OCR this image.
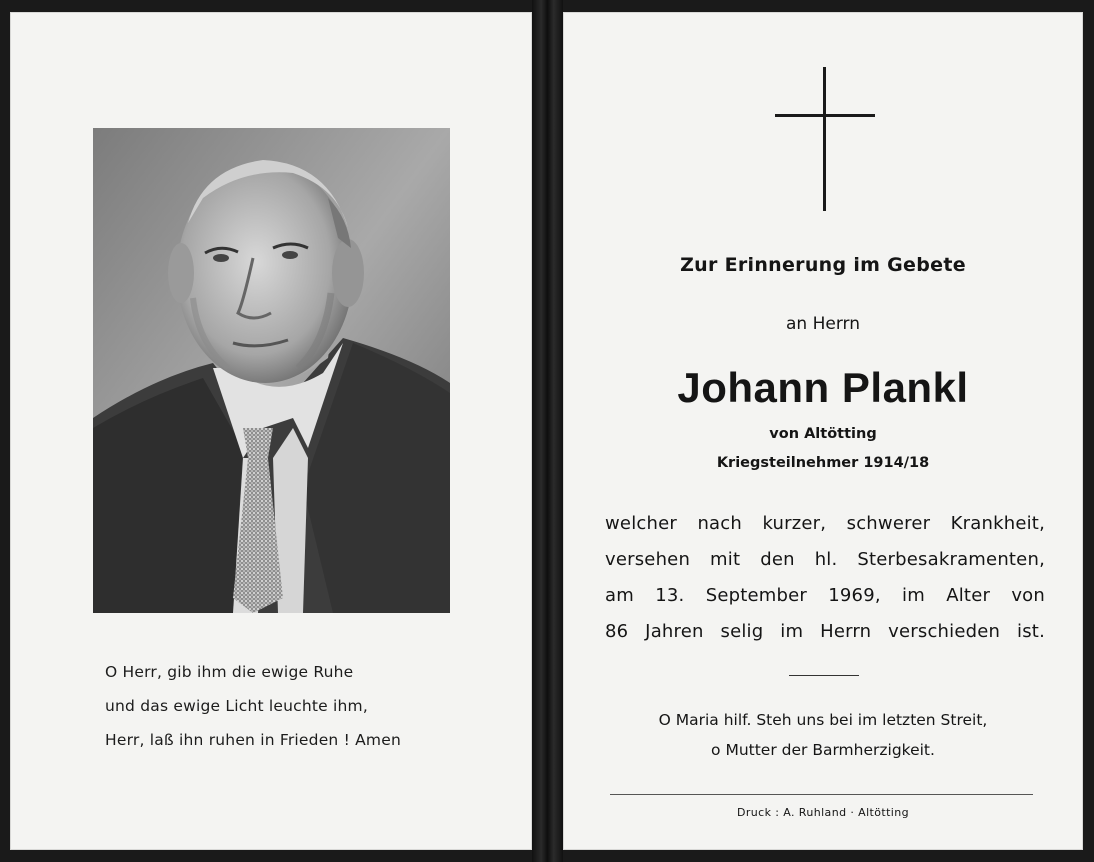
O Herr, gib ihm die ewige Ruhe
und das ewige Licht leuchte ihm,
Herr, laß ihn ruhen in Frieden ! Amen
Zur Erinnerung im Gebete
an Herrn
Johann Plankl
von Altötting
Kriegsteilnehmer 1914/18
welcher nach kurzer, schwerer Krankheit,
versehen mit den hl. Sterbesakramenten,
am 13. September 1969, im Alter von
86 Jahren selig im Herrn verschieden ist.
O Maria hilf. Steh uns bei im letzten Streit,
o Mutter der Barmherzigkeit.
Druck : A. Ruhland · Altötting
